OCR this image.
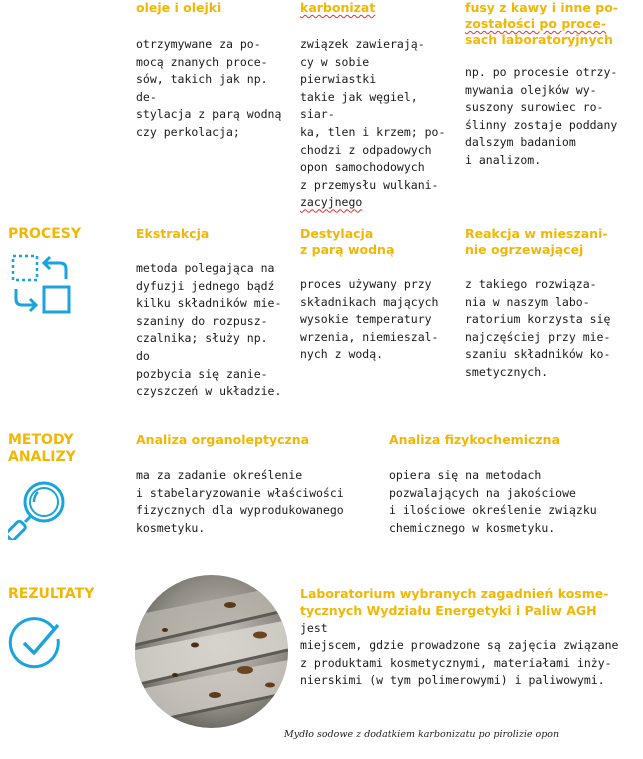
oleje i olejki
otrzymywane za po-
mocą znanych proce-
sów, takich jak np. de-
stylacja z parą wodną
czy perkolacja;
karbonizat
związek zawierają-
cy w sobie pierwiastki
takie jak węgiel, siar-
ka, tlen i krzem; po-
chodzi z odpadowych
opon samochodowych
z przemysłu wulkani-
zacyjnego
fusy z kawy i inne po-
zostałości po proce-
sach laboratoryjnych
np. po procesie otrzy-
mywania olejków wy-
suszony surowiec ro-
ślinny zostaje poddany
dalszym badaniom
i analizom.
PROCESY	Ekstrakcja
metoda polegająca na
dyfuzji jednego bądź
kilku składników mie-
szaniny do rozpusz-
czalnika; służy np. do
pozbycia się zanie-
czyszczeń w układzie.
Destylacja
z parą wodną
proces używany przy
składnikach mających
wysokie temperatury
wrzenia, niemieszal-
nych z wodą.
Reakcja w mieszani-
nie ogrzewającej
z takiego rozwiąza-
nia w naszym labo-
ratorium korzysta się
najczęściej przy mie-
szaniu składników ko-
smetycznych.
METODY
ANALIZY
Analiza organoleptyczna
ma za zadanie określenie
i stabelaryzowanie właściwości
fizycznych dla wyprodukowanego
kosmetyku.
Analiza fizykochemiczna
opiera się na metodach
pozwalających na jakościowe
i ilościowe określenie związku
chemicznego w kosmetyku.
REZULTATY	Laboratorium wybranych zagadnień kosme-
tycznych Wydziału Energetyki i Paliw AGH jest
miejscem, gdzie prowadzone są zajęcia związane
z produktami kosmetycznymi, materiałami inży-
nierskimi (w tym polimerowymi) i paliwowymi.
Mydło sodowe z dodatkiem karbonizatu po pirolizie opon
